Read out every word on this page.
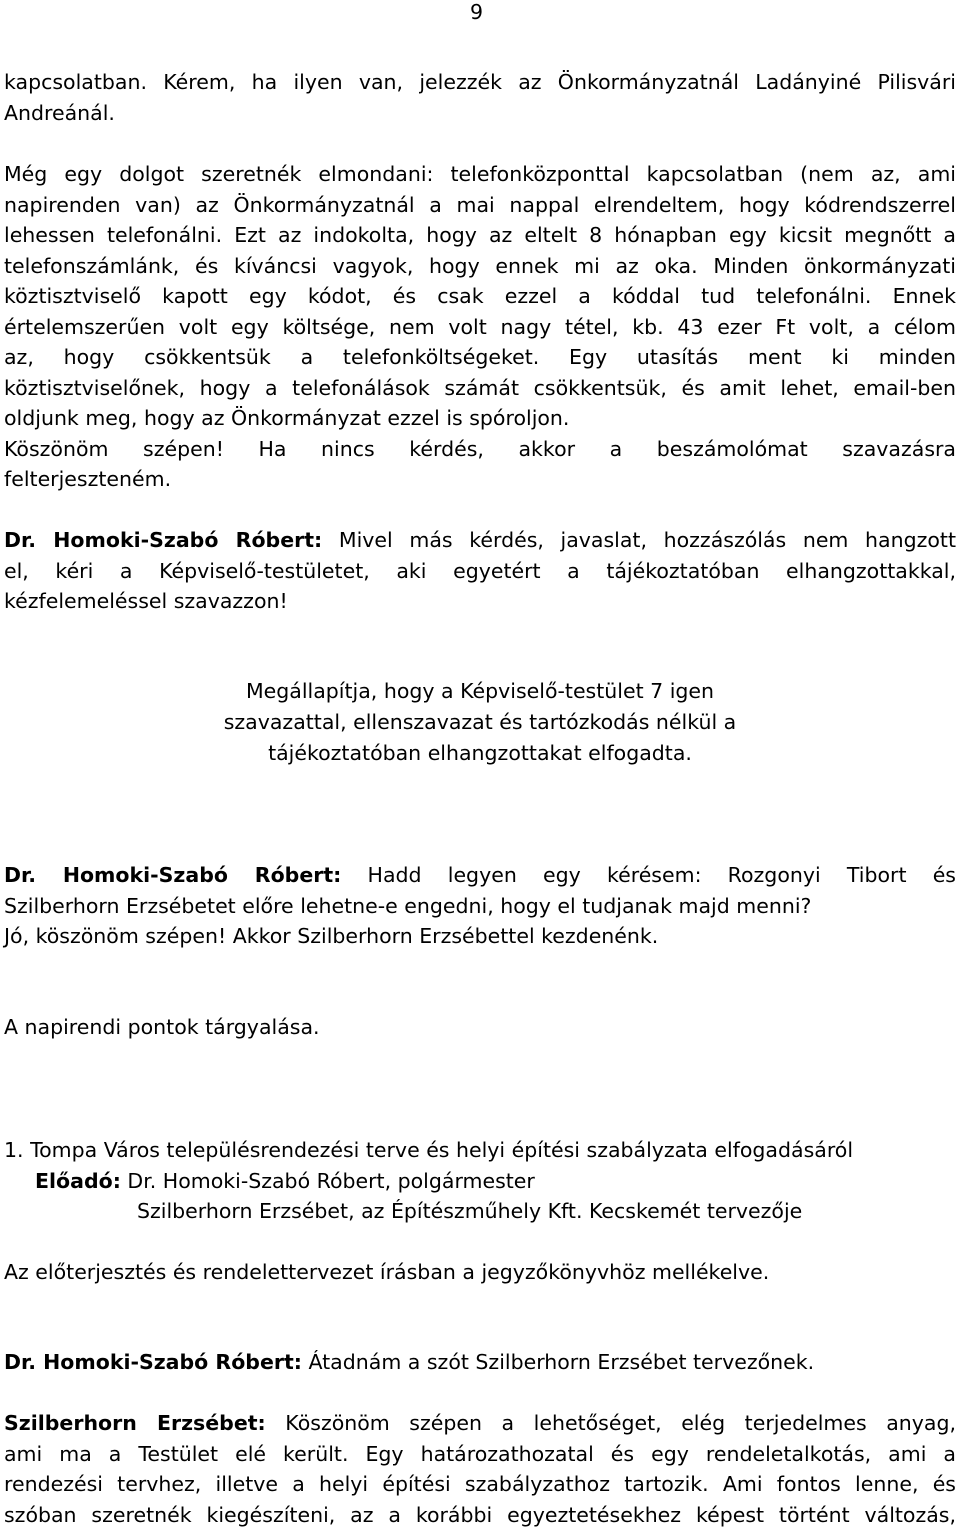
9
kapcsolatban. Kérem, ha ilyen van, jelezzék az Önkormányzatnál Ladányiné Pilisvári
Andreánál.
Még egy dolgot szeretnék elmondani: telefonközponttal kapcsolatban (nem az, ami
napirenden van) az Önkormányzatnál a mai nappal elrendeltem, hogy kódrendszerrel
lehessen telefonálni. Ezt az indokolta, hogy az eltelt 8 hónapban egy kicsit megnőtt a
telefonszámlánk, és kíváncsi vagyok, hogy ennek mi az oka. Minden önkormányzati
köztisztviselő kapott egy kódot, és csak ezzel a kóddal tud telefonálni. Ennek
értelemszerűen volt egy költsége, nem volt nagy tétel, kb. 43 ezer Ft volt, a célom
az, hogy csökkentsük a telefonköltségeket. Egy utasítás ment ki minden
köztisztviselőnek, hogy a telefonálások számát csökkentsük, és amit lehet, email-ben
oldjunk meg, hogy az Önkormányzat ezzel is spóroljon.
Köszönöm szépen! Ha nincs kérdés, akkor a beszámolómat szavazásra
felterjeszteném.
Dr. Homoki-Szabó Róbert: Mivel más kérdés, javaslat, hozzászólás nem hangzott
el, kéri a Képviselő-testületet, aki egyetért a tájékoztatóban elhangzottakkal,
kézfelemeléssel szavazzon!
Megállapítja, hogy a Képviselő-testület 7 igen
szavazattal, ellenszavazat és tartózkodás nélkül a
tájékoztatóban elhangzottakat elfogadta.
Dr. Homoki-Szabó Róbert: Hadd legyen egy kérésem: Rozgonyi Tibort és
Szilberhorn Erzsébetet előre lehetne-e engedni, hogy el tudjanak majd menni?
Jó, köszönöm szépen! Akkor Szilberhorn Erzsébettel kezdenénk.
A napirendi pontok tárgyalása.
1. Tompa Város településrendezési terve és helyi építési szabályzata elfogadásáról
Előadó: Dr. Homoki-Szabó Róbert, polgármester
Szilberhorn Erzsébet, az Építészműhely Kft. Kecskemét tervezője
Az előterjesztés és rendelettervezet írásban a jegyzőkönyvhöz mellékelve.
Dr. Homoki-Szabó Róbert: Átadnám a szót Szilberhorn Erzsébet tervezőnek.
Szilberhorn Erzsébet: Köszönöm szépen a lehetőséget, elég terjedelmes anyag,
ami ma a Testület elé került. Egy határozathozatal és egy rendeletalkotás, ami a
rendezési tervhez, illetve a helyi építési szabályzathoz tartozik. Ami fontos lenne, és
szóban szeretnék kiegészíteni, az a korábbi egyeztetésekhez képest történt változás,
